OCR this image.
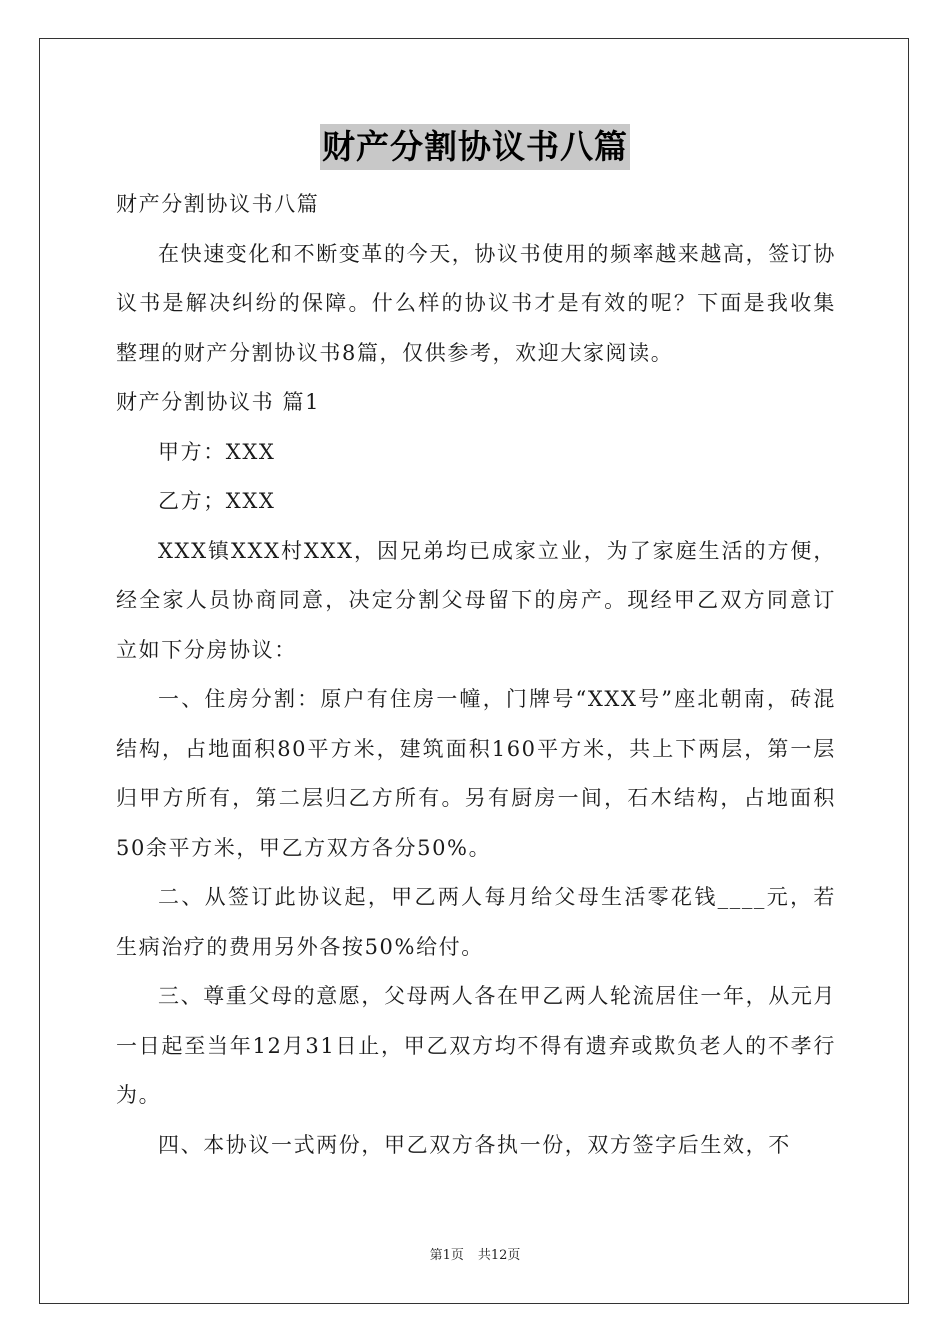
财产分割协议书八篇

财产分割协议书八篇

在快速变化和不断变革的今天，协议书使用的频率越来越高，签订协议书是解决纠纷的保障。什么样的协议书才是有效的呢？下面是我收集整理的财产分割协议书8篇，仅供参考，欢迎大家阅读。

财产分割协议书 篇1

甲方：XXX

乙方；XXX

XXX镇XXX村XXX，因兄弟均已成家立业，为了家庭生活的方便，经全家人员协商同意，决定分割父母留下的房产。现经甲乙双方同意订立如下分房协议：

一、住房分割：原户有住房一幢，门牌号“XXX号”座北朝南，砖混结构，占地面积80平方米，建筑面积160平方米，共上下两层，第一层归甲方所有，第二层归乙方所有。另有厨房一间，石木结构，占地面积50余平方米，甲乙方双方各分50%。

二、从签订此协议起，甲乙两人每月给父母生活零花钱____元，若生病治疗的费用另外各按50%给付。

三、尊重父母的意愿，父母两人各在甲乙两人轮流居住一年，从元月一日起至当年12月31日止，甲乙双方均不得有遗弃或欺负老人的不孝行为。

四、本协议一式两份，甲乙双方各执一份，双方签字后生效，不

第1页 共12页
